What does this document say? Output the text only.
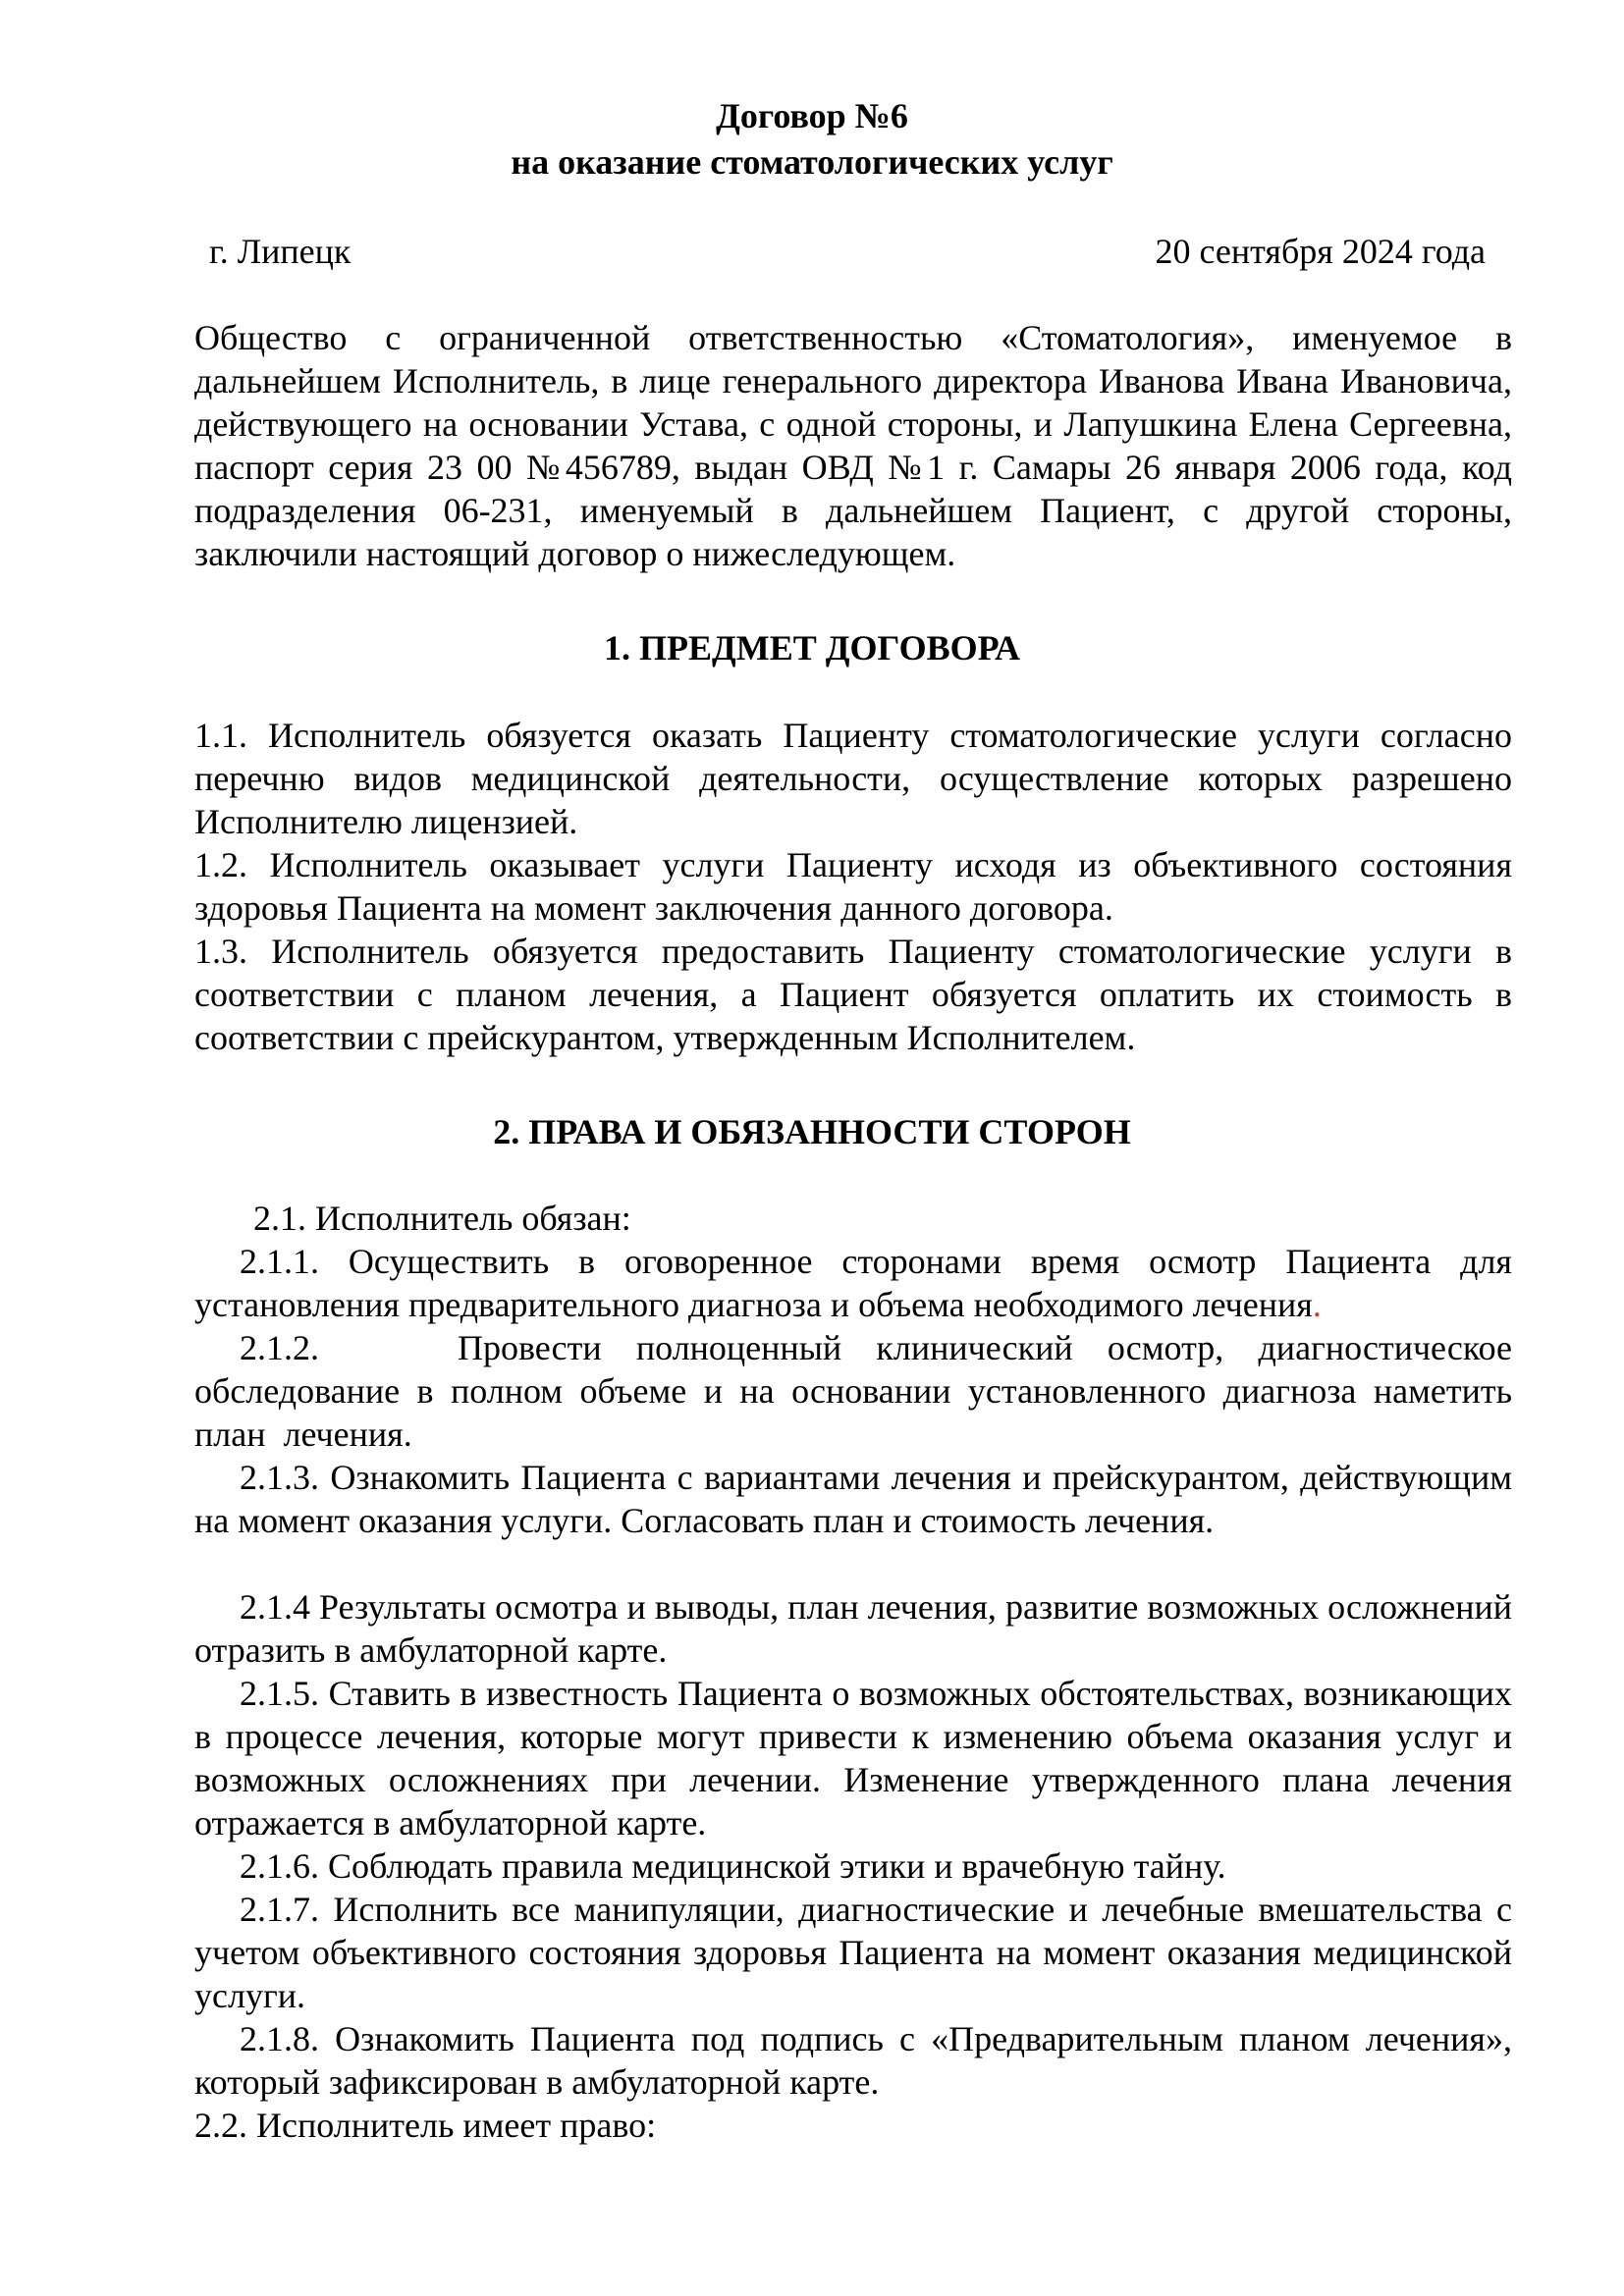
Договор №6
на оказание стоматологических услуг
г. Липецк	20 сентября 2024 года

Общество с ограниченной ответственностью «Стоматология», именуемое в дальнейшем Исполнитель, в лице генерального директора Иванова Ивана Ивановича, действующего на основании Устава, с одной стороны, и Лапушкина Елена Сергеевна, паспорт серия 23 00 №456789, выдан ОВД №1 г. Самары 26 января 2006 года, код подразделения 06-231, именуемый в дальнейшем Пациент, с другой стороны, заключили настоящий договор о нижеследующем.

1. ПРЕДМЕТ ДОГОВОРА

1.1. Исполнитель обязуется оказать Пациенту стоматологические услуги согласно перечню видов медицинской деятельности, осуществление которых разрешено Исполнителю лицензией.

1.2. Исполнитель оказывает услуги Пациенту исходя из объективного состояния здоровья Пациента на момент заключения данного договора.

1.3. Исполнитель обязуется предоставить Пациенту стоматологические услуги в соответствии с планом лечения, а Пациент обязуется оплатить их стоимость в соответствии с прейскурантом, утвержденным Исполнителем.

2. ПРАВА И ОБЯЗАННОСТИ СТОРОН

2.1. Исполнитель обязан:

2.1.1. Осуществить в оговоренное сторонами время осмотр Пациента для установления предварительного диагноза и объема необходимого лечения.

2.1.2.    Провести полноценный клинический осмотр, диагностическое обследование в полном объеме и на основании установленного диагноза наметить план  лечения.

2.1.3. Ознакомить Пациента с вариантами лечения и прейскурантом, действующим на момент оказания услуги. Согласовать план и стоимость лечения.

2.1.4 Результаты осмотра и выводы, план лечения, развитие возможных осложнений отразить в амбулаторной карте.

2.1.5. Ставить в известность Пациента о возможных обстоятельствах, возникающих в процессе лечения, которые могут привести к изменению объема оказания услуг и возможных осложнениях при лечении. Изменение утвержденного плана лечения отражается в амбулаторной карте.

2.1.6. Соблюдать правила медицинской этики и врачебную тайну.

2.1.7. Исполнить все манипуляции, диагностические и лечебные вмешательства с учетом объективного состояния здоровья Пациента на момент оказания медицинской услуги.

2.1.8. Ознакомить Пациента под подпись с «Предварительным планом лечения», который зафиксирован в амбулаторной карте.

2.2. Исполнитель имеет право:
